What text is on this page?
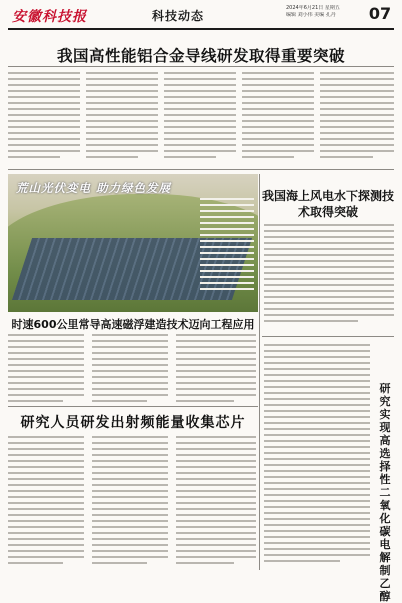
安徽科技报	科技动态
2024年6月21日 星期五
编辑 刘小伟 美编 孔丹	07
我国高性能铝合金导线研发取得重要突破
荒山光伏变电 助力绿色发展
我国海上风电水下探测技术取得突破
时速600公里常导高速磁浮建造技术迈向工程应用
研究人员研发出射频能量收集芯片
研究实现高选择性二氧化碳电解制乙醇
